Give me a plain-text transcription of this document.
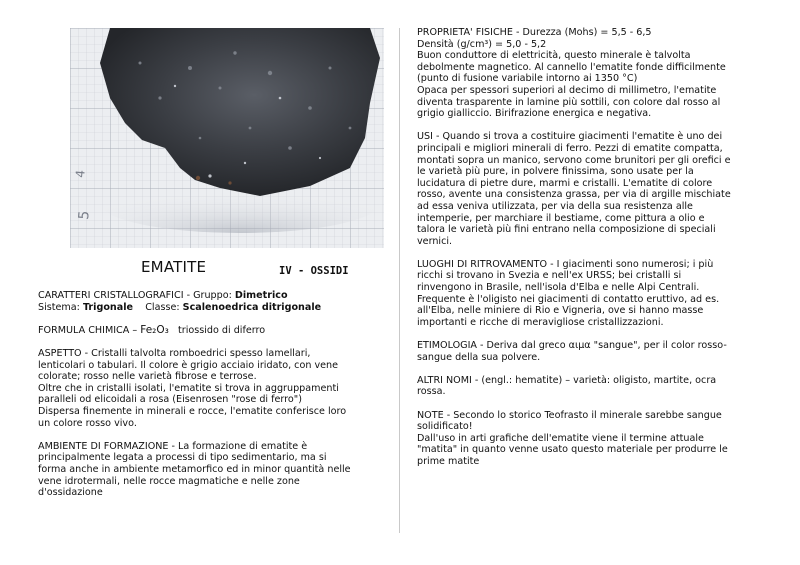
5
4
EMATITE	IV - OSSIDI

CARATTERI CRISTALLOGRAFICI - Gruppo: Dimetrico
Sistema: Trigonale Classe: Scalenoedrica ditrigonale

FORMULA CHIMICA – Fe₂O₃ triossido di diferro

ASPETTO - Cristalli talvolta romboedrici spesso lamellari,
lenticolari o tabulari. Il colore è grigio acciaio iridato, con vene
colorate; rosso nelle varietà fibrose e terrose.
Oltre che in cristalli isolati, l'ematite si trova in aggruppamenti
paralleli od elicoidali a rosa (Eisenrosen "rose di ferro")
Dispersa finemente in minerali e rocce, l'ematite conferisce loro
un colore rosso vivo.

AMBIENTE DI FORMAZIONE - La formazione di ematite è
principalmente legata a processi di tipo sedimentario, ma si
forma anche in ambiente metamorfico ed in minor quantità nelle
vene idrotermali, nelle rocce magmatiche e nelle zone
d'ossidazione

PROPRIETA' FISICHE - Durezza (Mohs) = 5,5 - 6,5
Densità (g/cm³) = 5,0 - 5,2
Buon conduttore di elettricità, questo minerale è talvolta
debolmente magnetico. Al cannello l'ematite fonde difficilmente
(punto di fusione variabile intorno ai 1350 °C)
Opaca per spessori superiori al decimo di millimetro, l'ematite
diventa trasparente in lamine più sottili, con colore dal rosso al
grigio gialliccio. Birifrazione energica e negativa.

USI - Quando si trova a costituire giacimenti l'ematite è uno dei
principali e migliori minerali di ferro. Pezzi di ematite compatta,
montati sopra un manico, servono come brunitori per gli orefici e
le varietà più pure, in polvere finissima, sono usate per la
lucidatura di pietre dure, marmi e cristalli. L'ematite di colore
rosso, avente una consistenza grassa, per via di argille mischiate
ad essa veniva utilizzata, per via della sua resistenza alle
intemperie, per marchiare il bestiame, come pittura a olio e
talora le varietà più fini entrano nella composizione di speciali
vernici.

LUOGHI DI RITROVAMENTO - I giacimenti sono numerosi; i più
ricchi si trovano in Svezia e nell'ex URSS; bei cristalli si
rinvengono in Brasile, nell'isola d'Elba e nelle Alpi Centrali.
Frequente è l'oligisto nei giacimenti di contatto eruttivo, ad es.
all'Elba, nelle miniere di Rio e Vigneria, ove si hanno masse
importanti e ricche di meravigliose cristallizzazioni.

ETIMOLOGIA - Deriva dal greco αιμα "sangue", per il color rosso-
sangue della sua polvere.

ALTRI NOMI - (engl.: hematite) – varietà: oligisto, martite, ocra
rossa.

NOTE - Secondo lo storico Teofrasto il minerale sarebbe sangue
solidificato!
Dall'uso in arti grafiche dell'ematite viene il termine attuale
"matita" in quanto venne usato questo materiale per produrre le
prime matite
